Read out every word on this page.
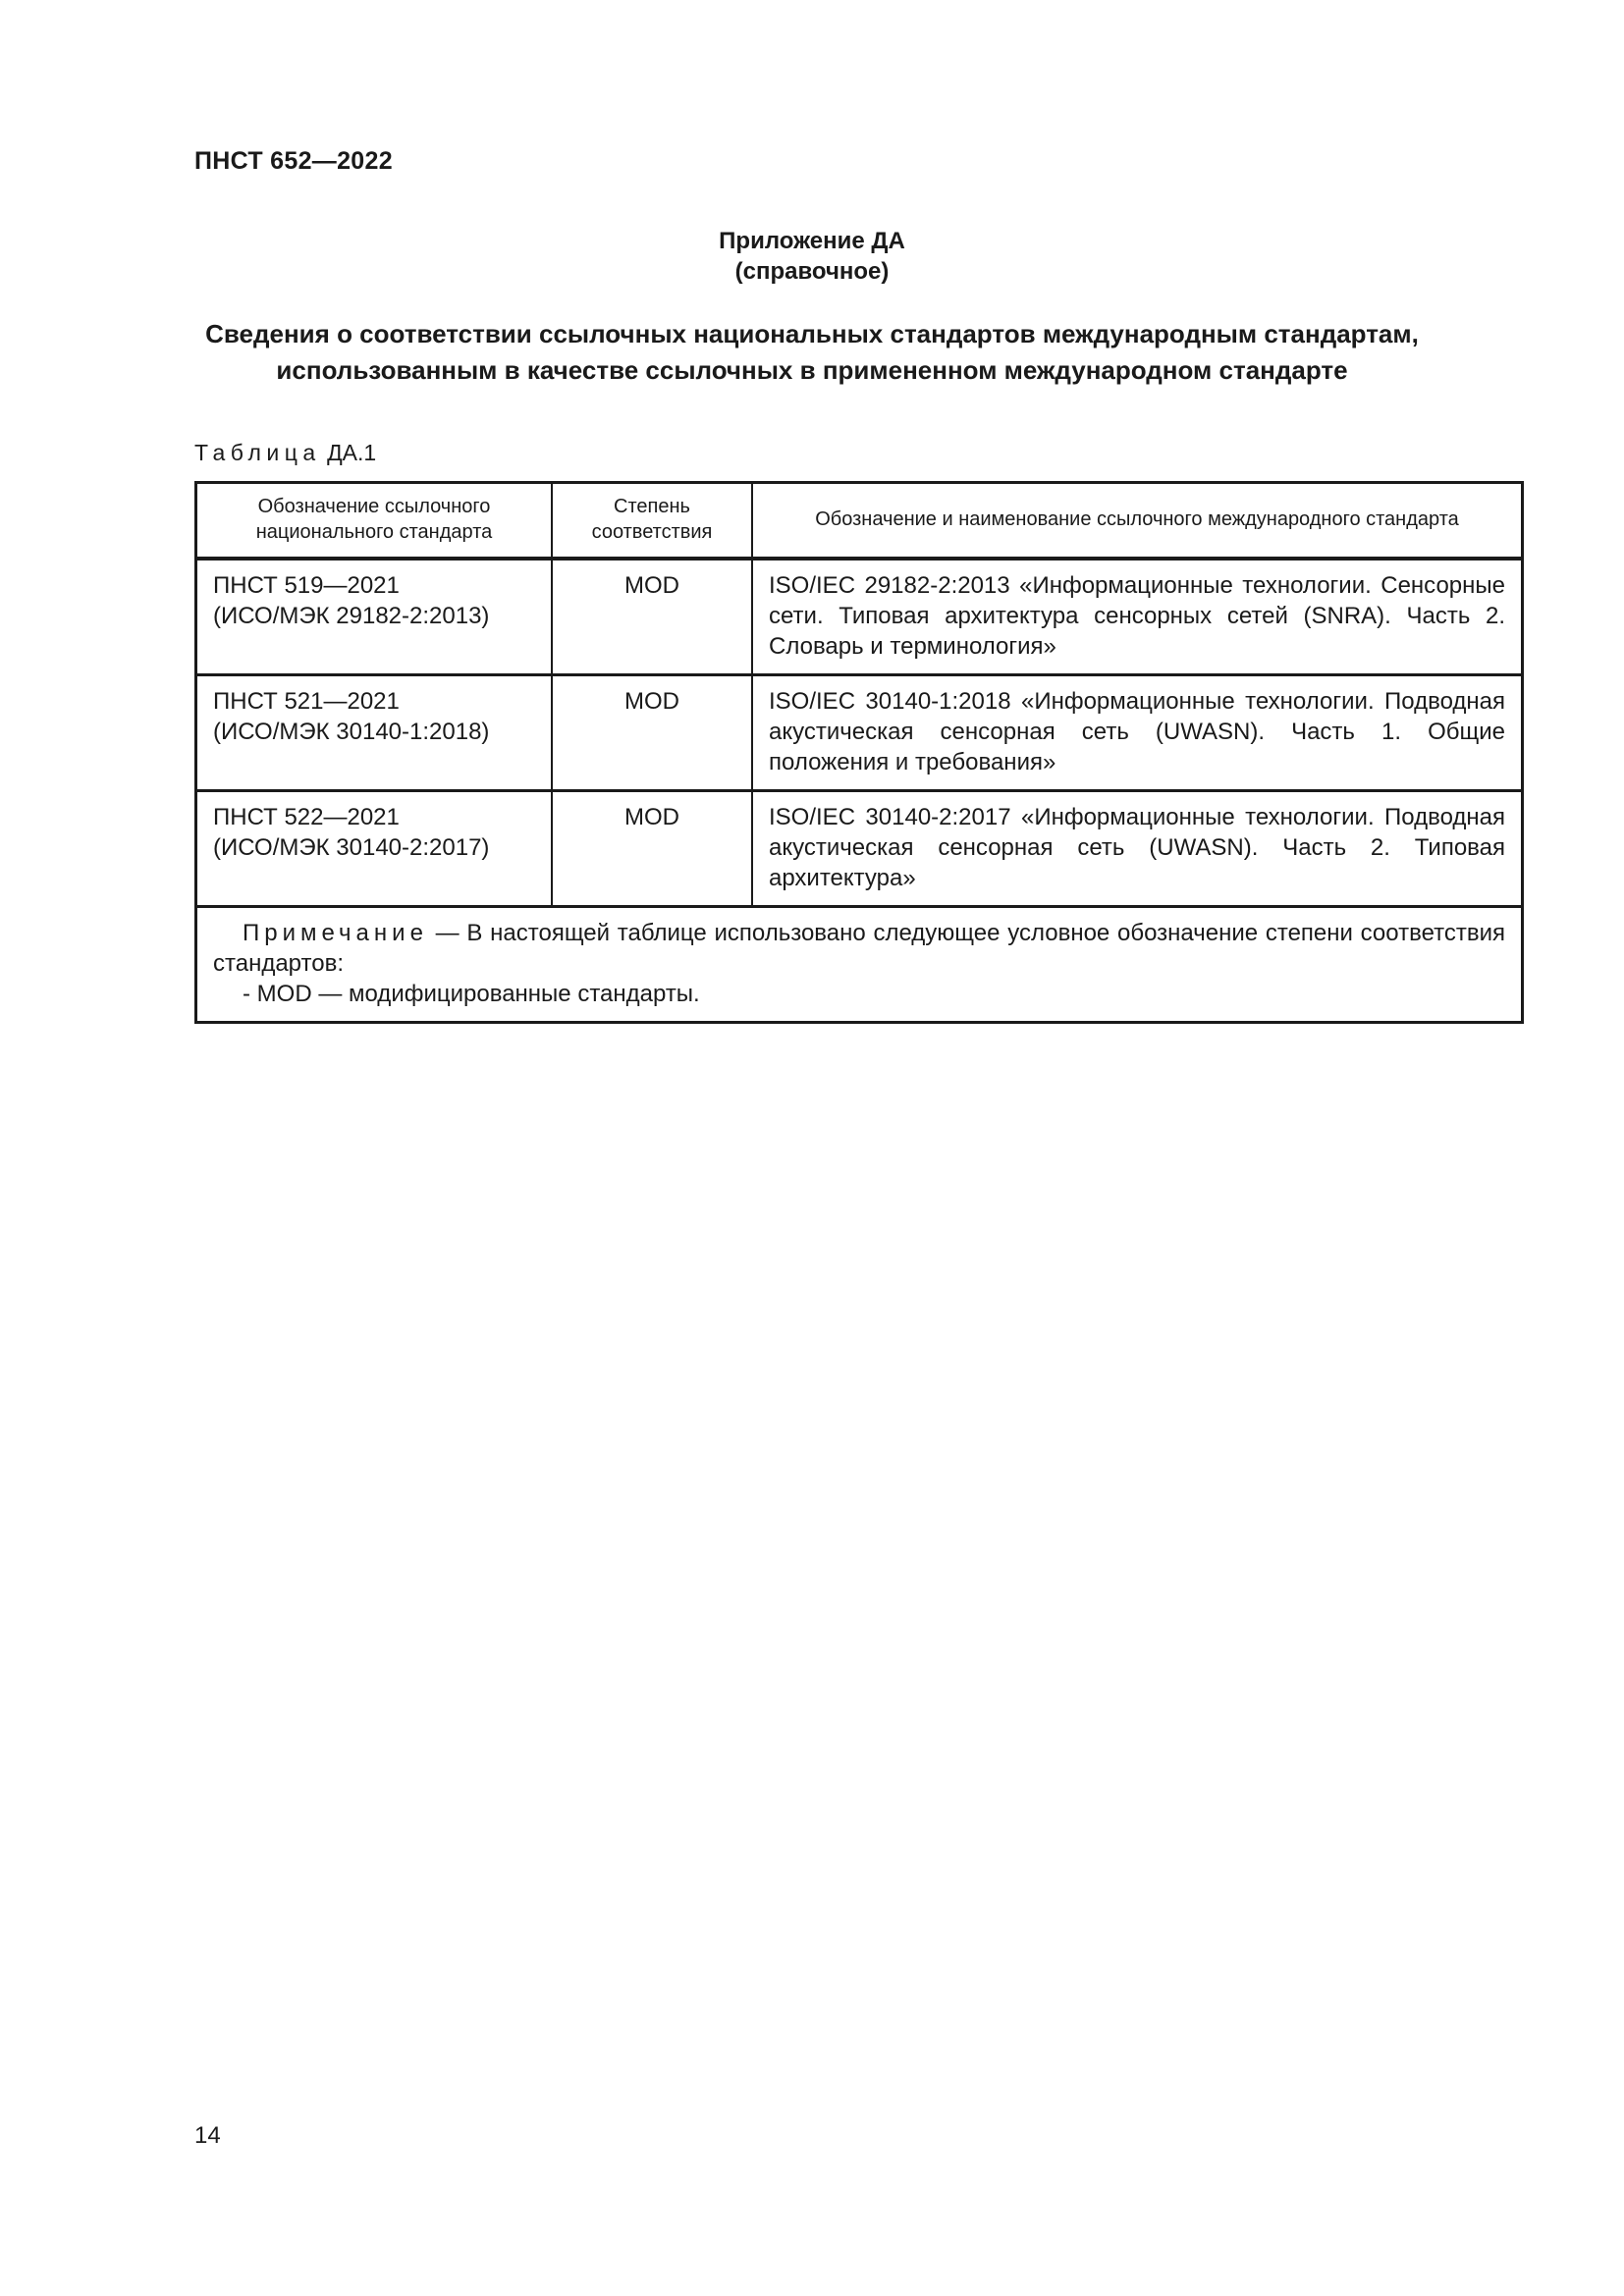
ПНСТ 652—2022
Приложение ДА
(справочное)
Сведения о соответствии ссылочных национальных стандартов международным стандартам,
использованным в качестве ссылочных в примененном международном стандарте
Таблица ДА.1
Обозначение ссылочного национального стандарта	Степень соответствия	Обозначение и наименование ссылочного международного стандарта

ПНСТ 519—2021
(ИСО/МЭК 29182-2:2013)	MOD	ISO/IEC 29182-2:2013 «Информационные технологии. Сенсорные сети. Типовая архитектура сенсорных сетей (SNRA). Часть 2. Словарь и терминология»

ПНСТ 521—2021
(ИСО/МЭК 30140-1:2018)	MOD	ISO/IEC 30140-1:2018 «Информационные технологии. Подводная акустическая сенсорная сеть (UWASN). Часть 1. Общие положения и требования»

ПНСТ 522—2021
(ИСО/МЭК 30140-2:2017)	MOD	ISO/IEC 30140-2:2017 «Информационные технологии. Подводная акустическая сенсорная сеть (UWASN). Часть 2. Типовая архитектура»
Примечание — В настоящей таблице использовано следующее условное обозначение степени соответствия стандартов:
- MOD — модифицированные стандарты.		
14
